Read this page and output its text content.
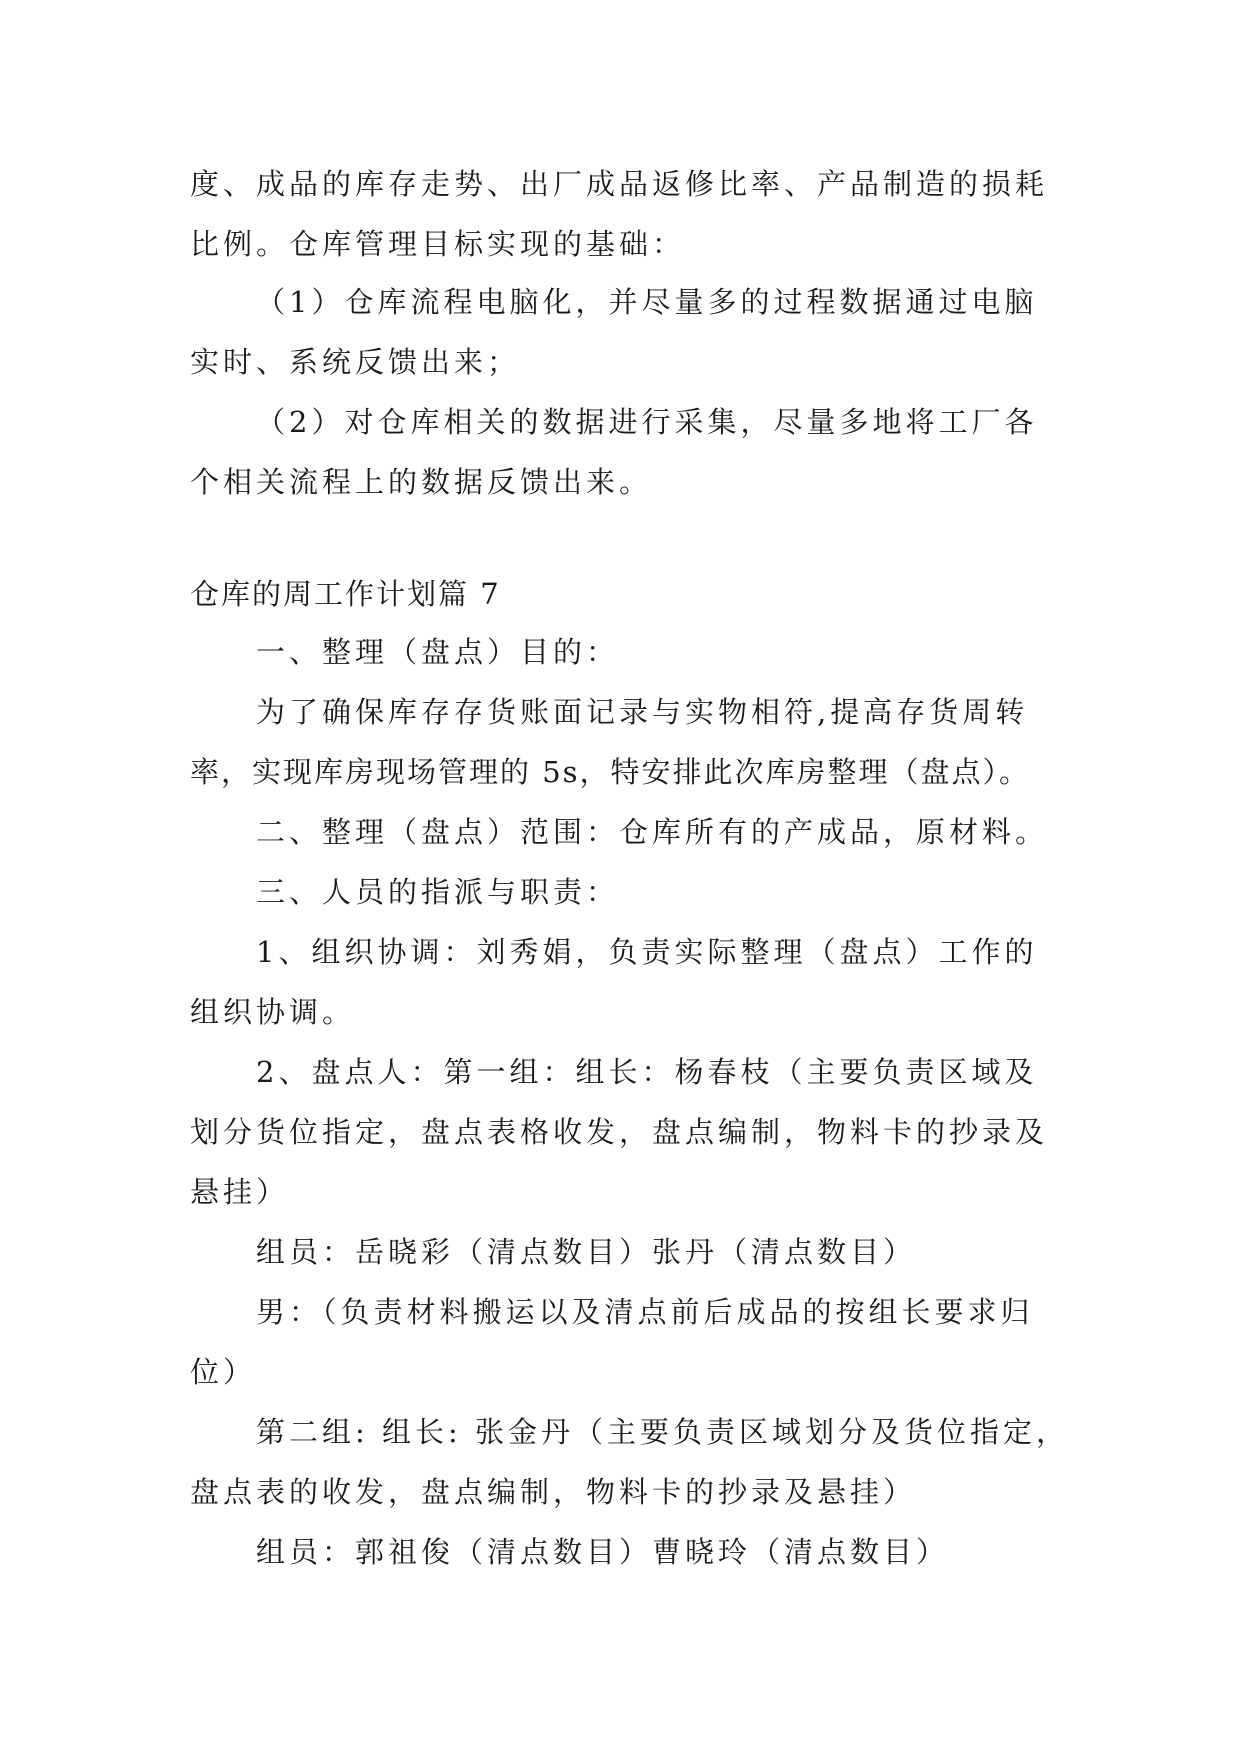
度、成品的库存走势、出厂成品返修比率、产品制造的损耗
比例。仓库管理目标实现的基础：
（1）仓库流程电脑化，并尽量多的过程数据通过电脑
实时、系统反馈出来；
（2）对仓库相关的数据进行采集，尽量多地将工厂各
个相关流程上的数据反馈出来。
仓库的周工作计划篇 7
一、整理（盘点）目的：
为了确保库存存货账面记录与实物相符,提高存货周转
率，实现库房现场管理的 5s，特安排此次库房整理（盘点）。
二、整理（盘点）范围：仓库所有的产成品，原材料。
三、人员的指派与职责：
1、组织协调：刘秀娟，负责实际整理（盘点）工作的
组织协调。
2、盘点人：第一组：组长：杨春枝（主要负责区域及
划分货位指定，盘点表格收发，盘点编制，物料卡的抄录及
悬挂）
组员：岳晓彩（清点数目）张丹（清点数目）
男：（负责材料搬运以及清点前后成品的按组长要求归
位）
第二组: 组长: 张金丹（主要负责区域划分及货位指定，
盘点表的收发，盘点编制，物料卡的抄录及悬挂）
组员：郭祖俊（清点数目）曹晓玲（清点数目）
